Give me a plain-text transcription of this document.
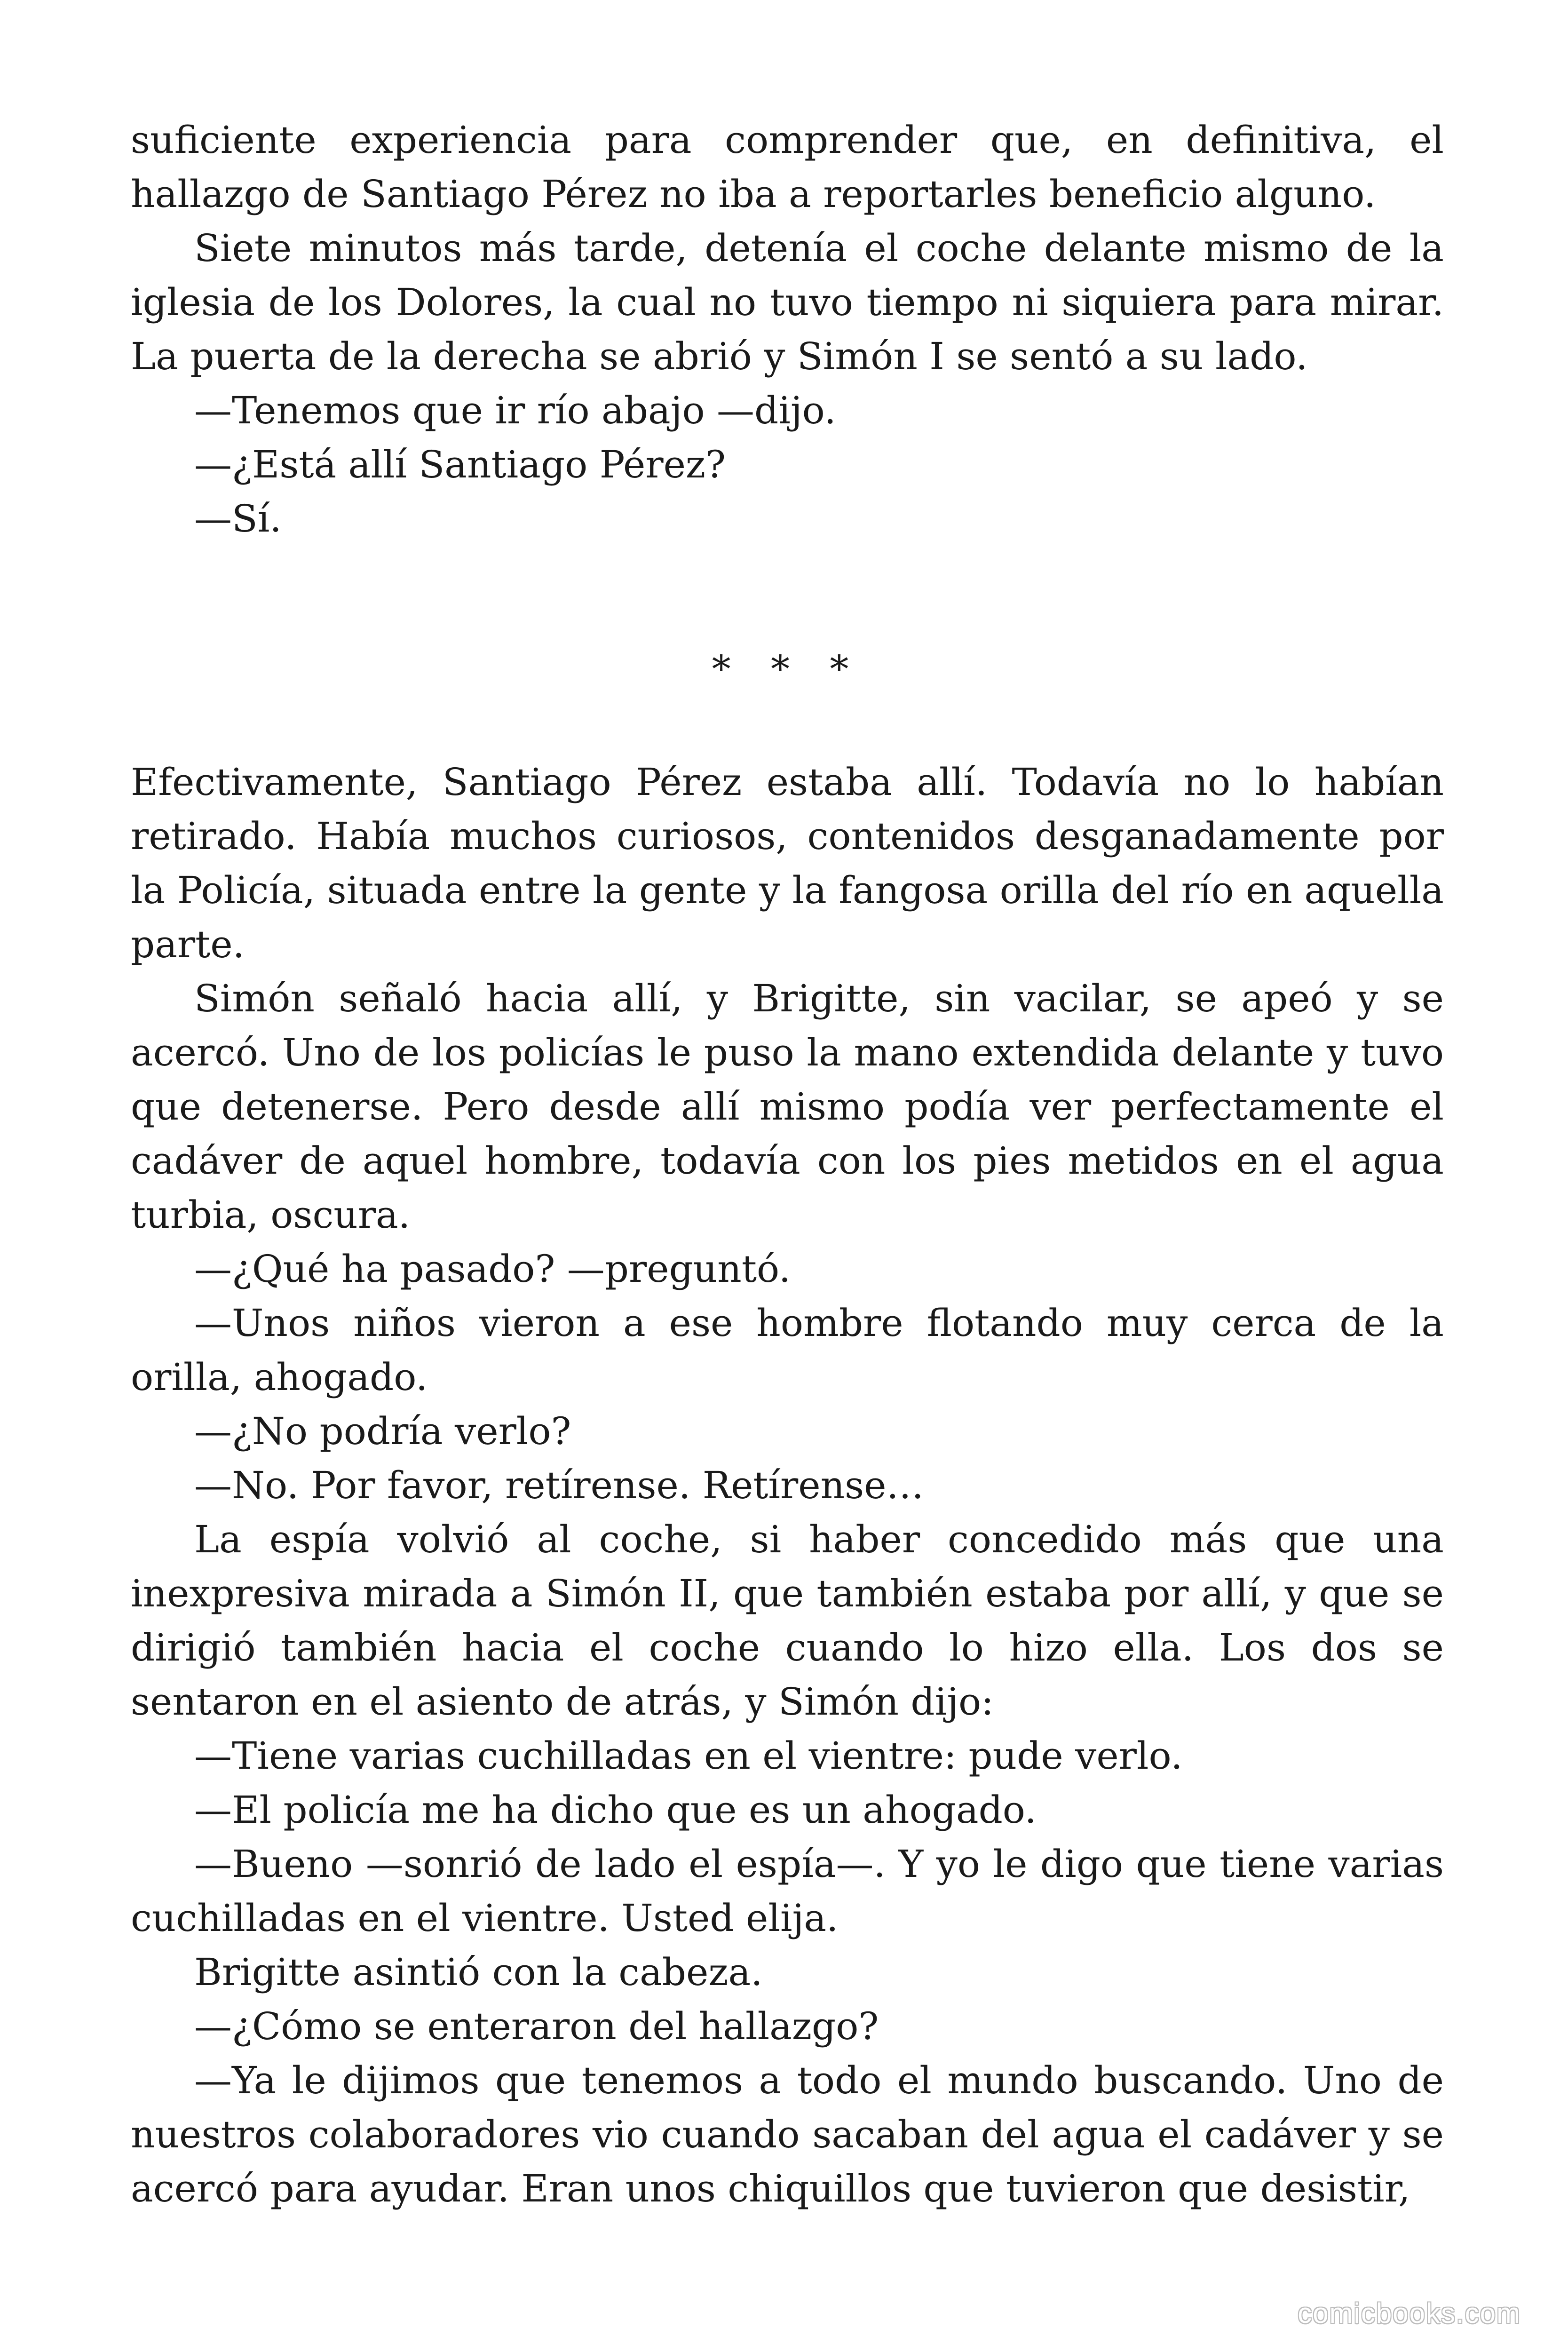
suficiente experiencia para comprender que, en definitiva, el hallazgo de Santiago Pérez no iba a reportarles beneficio alguno.

Siete minutos más tarde, detenía el coche delante mismo de la iglesia de los Dolores, la cual no tuvo tiempo ni siquiera para mirar. La puerta de la derecha se abrió y Simón I se sentó a su lado.

—Tenemos que ir río abajo —dijo.

—¿Está allí Santiago Pérez?

—Sí.

* * *

Efectivamente, Santiago Pérez estaba allí. Todavía no lo habían retirado. Había muchos curiosos, contenidos desganadamente por la Policía, situada entre la gente y la fangosa orilla del río en aquella parte.

Simón señaló hacia allí, y Brigitte, sin vacilar, se apeó y se acercó. Uno de los policías le puso la mano extendida delante y tuvo que detenerse. Pero desde allí mismo podía ver perfectamente el cadáver de aquel hombre, todavía con los pies metidos en el agua turbia, oscura.

—¿Qué ha pasado? —preguntó.

—Unos niños vieron a ese hombre flotando muy cerca de la orilla, ahogado.

—¿No podría verlo?

—No. Por favor, retírense. Retírense…

La espía volvió al coche, si haber concedido más que una inexpresiva mirada a Simón II, que también estaba por allí, y que se dirigió también hacia el coche cuando lo hizo ella. Los dos se sentaron en el asiento de atrás, y Simón dijo:

—Tiene varias cuchilladas en el vientre: pude verlo.

—El policía me ha dicho que es un ahogado.

—Bueno —sonrió de lado el espía—. Y yo le digo que tiene varias cuchilladas en el vientre. Usted elija.

Brigitte asintió con la cabeza.

—¿Cómo se enteraron del hallazgo?

—Ya le dijimos que tenemos a todo el mundo buscando. Uno de nuestros colaboradores vio cuando sacaban del agua el cadáver y se acercó para ayudar. Eran unos chiquillos que tuvieron que desistir,

comicbooks.com
